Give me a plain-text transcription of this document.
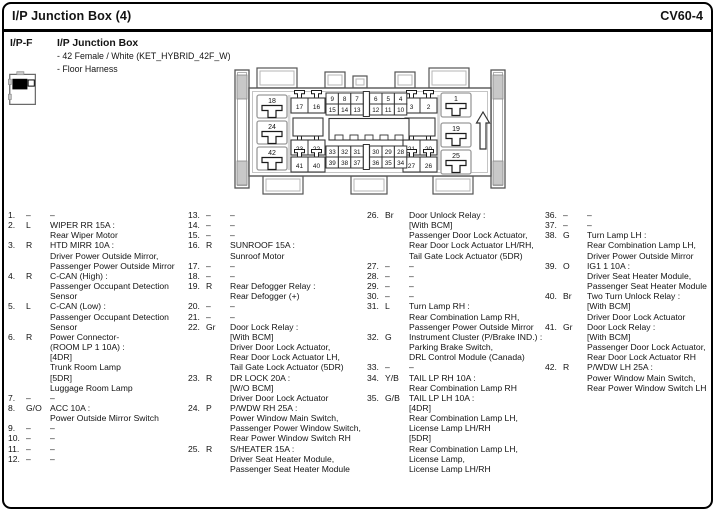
I/P Junction Box (4)	CV60-4
I/P-F	I/P Junction Box
- 42 Female / White (KET_HYBRID_42F_W)
- Floor Harness
18
24
42
1
19
25
17 16
41 40
3 2
27 26
9 8 7 6 5 4
15 14 13 12 11 10
33 32 31 30 29 28
39 38 37 36 35 34
1.	–	–
2.	L	WIPER RR 15A :
Rear Wiper Motor
3.	R	HTD MIRR 10A :
Driver Power Outside Mirror,
Passenger Power Outside Mirror
4.	R	C-CAN (High) :
Passenger Occupant Detection
Sensor
5.	L	C-CAN (Low) :
Passenger Occupant Detection
Sensor
6.	R	Power Connector-
(ROOM LP 1 10A) :
[4DR]
Trunk Room Lamp
[5DR]
Luggage Room Lamp
7.	–	–
8.	G/O ACC 10A :
Power Outside Mirror Switch
9.	–	–
10. –	–
11. –	–
12. –	–
13. –	–
14. –	–
15. –	–
16. R	SUNROOF 15A :
Sunroof Motor
17. –	–
18. –	–
19. R	Rear Defogger Relay :
Rear Defogger (+)
20. –	–
21. –	–
22. Gr	Door Lock Relay :
[With BCM]
Driver Door Lock Actuator,
Rear Door Lock Actuator LH,
Tail Gate Lock Actuator (5DR)
23. R	DR LOCK 20A :
[W/O BCM]
Driver Door Lock Actuator
24. P	P/WDW RH 25A :
Power Window Main Switch,
Passenger Power Window Switch,
Rear Power Window Switch RH
25. R	S/HEATER 15A :
Driver Seat Heater Module,
Passenger Seat Heater Module
26. Br	Door Unlock Relay :
[With BCM]
Passenger Door Lock Actuator,
Rear Door Lock Actuator LH/RH,
Tail Gate Lock Actuator (5DR)
27. –	–
28. –	–
29. –	–
30. –	–
31. L	Turn Lamp RH :
Rear Combination Lamp RH,
Passenger Power Outside Mirror
32. G	Instrument Cluster (P/Brake IND.) :
Parking Brake Switch,
DRL Control Module (Canada)
33. –	–
34. Y/B	TAIL LP RH 10A :
Rear Combination Lamp RH
35. G/B	TAIL LP LH 10A :
[4DR]
Rear Combination Lamp LH,
License Lamp LH/RH
[5DR]
Rear Combination Lamp LH,
License Lamp,
License Lamp LH/RH
36. –	–
37. –	–
38. G	Turn Lamp LH :
Rear Combination Lamp LH,
Driver Power Outside Mirror
39. O	IG1 1 10A :
Driver Seat Heater Module,
Passenger Seat Heater Module
40. Br	Two Turn Unlock Relay :
[With BCM]
Driver Door Lock Actuator
41. Gr	Door Lock Relay :
[With BCM]
Passenger Door Lock Actuator,
Rear Door Lock Actuator RH
42. R	P/WDW LH 25A :
Power Window Main Switch,
Rear Power Window Switch LH
